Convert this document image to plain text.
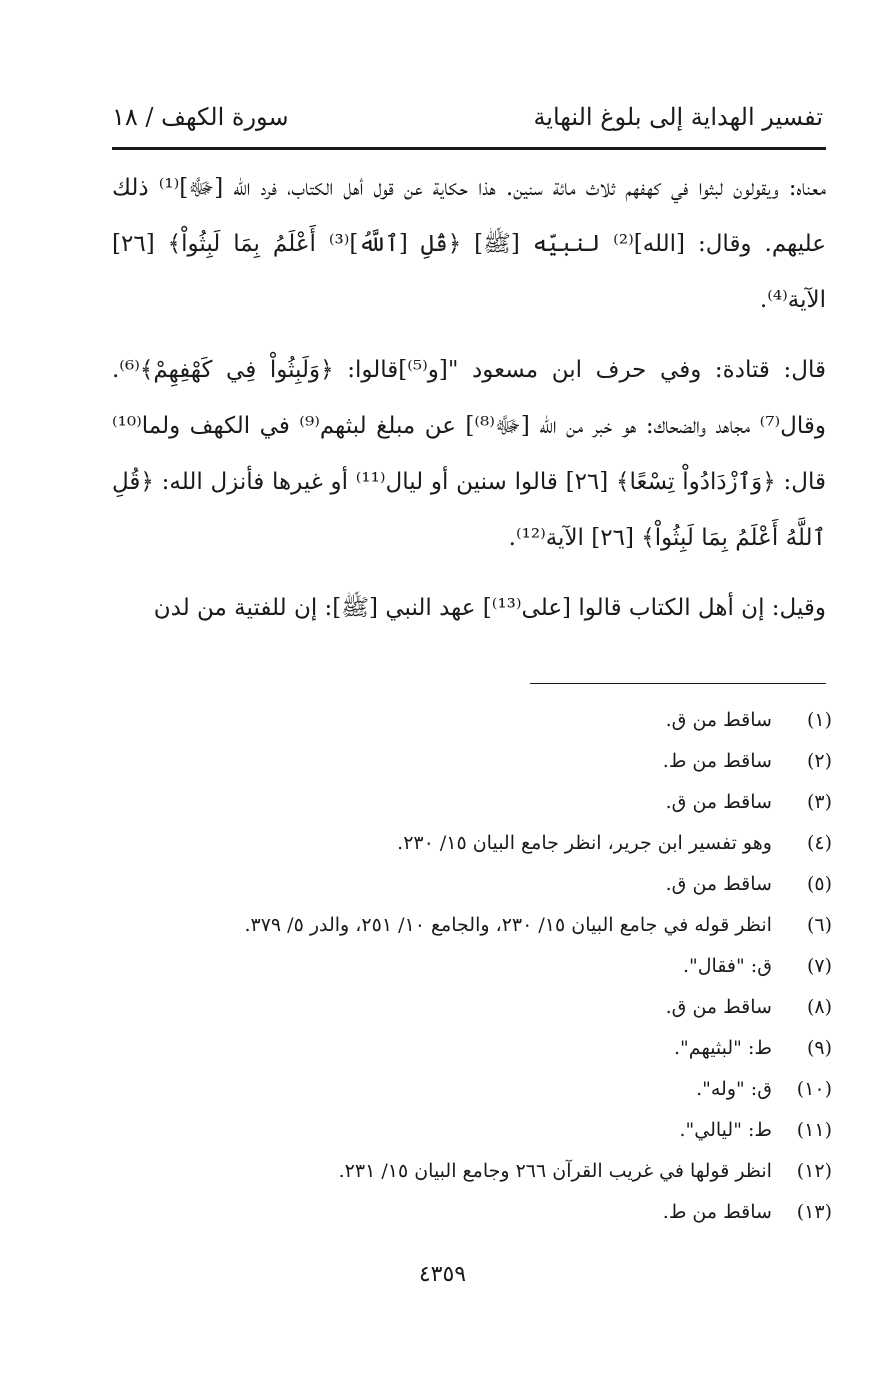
تفسير الهداية إلى بلوغ النهاية
سورة الكهف / ١٨

معناه: ويقولون لبثوا في كهفهم ثلاث مائة سنين. هذا حكاية عن قول أهل الكتاب، فرد الله [ﷻ]⁽¹⁾ ذلك عليهم. وقال: [الله]⁽²⁾ لنبيّه [ﷺ] ﴿قُلِ [ٱللَّهُ]⁽³⁾ أَعْلَمُ بِمَا لَبِثُواْ﴾ [٢٦] الآية⁽⁴⁾.

قال: قتادة: وفي حرف ابن مسعود "[و⁽⁵⁾]قالوا: ﴿وَلَبِثُواْ فِي كَهْفِهِمْ﴾⁽⁶⁾. وقال⁽⁷⁾ مجاهد والضحاك: هو خبر من الله [ﷻ⁽⁸⁾] عن مبلغ لبثهم⁽⁹⁾ في الكهف ولما⁽¹⁰⁾ قال: ﴿وَٱزْدَادُواْ تِسْعًا﴾ [٢٦] قالوا سنين أو ليال⁽¹¹⁾ أو غيرها فأنزل الله: ﴿قُلِ ٱللَّهُ أَعْلَمُ بِمَا لَبِثُواْ﴾ [٢٦] الآية⁽¹²⁾.

وقيل: إن أهل الكتاب قالوا [على⁽¹³⁾] عهد النبي [ﷺ]: إن للفتية من لدن

(١) ساقط من ق.
(٢) ساقط من ط.
(٣) ساقط من ق.
(٤) وهو تفسير ابن جرير، انظر جامع البيان ١٥/ ٢٣٠.
(٥) ساقط من ق.
(٦) انظر قوله في جامع البيان ١٥/ ٢٣٠، والجامع ١٠/ ٢٥١، والدر ٥/ ٣٧٩.
(٧) ق: "فقال".
(٨) ساقط من ق.
(٩) ط: "لبثيهم".
(١٠) ق: "وله".
(١١) ط: "ليالي".
(١٢) انظر قولها في غريب القرآن ٢٦٦ وجامع البيان ١٥/ ٢٣١.
(١٣) ساقط من ط.
٤٣٥٩
